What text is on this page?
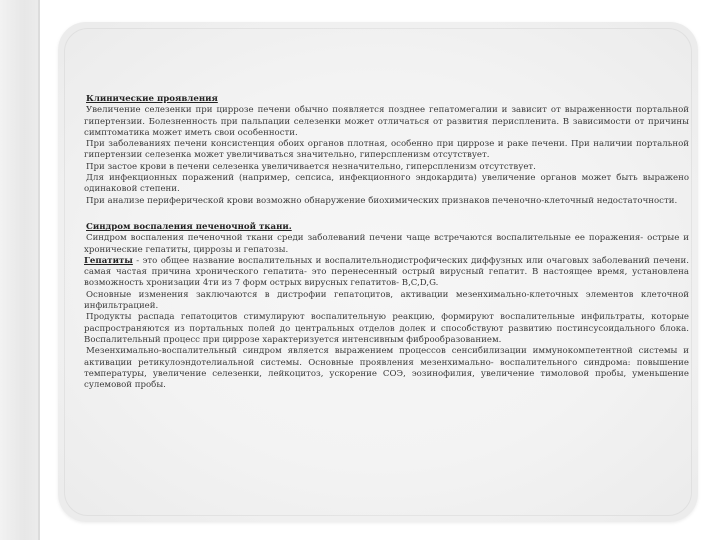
Клинические проявления

Увеличение селезенки при циррозе печени обычно появляется позднее гепатомегалии и зависит от выраженности портальной гипертензии. Болезненность при пальпации селезенки может отличаться от развития периспленита. В зависимости от причины симптоматика может иметь свои особенности.

При заболеваниях печени консистенция обоих органов плотная, особенно при циррозе и раке печени. При наличии портальной гипертензии селезенка может увеличиваться значительно, гиперспленизм отсутствует.

При застое крови в печени селезенка увеличивается незначительно, гиперспленизм отсутствует.

Для инфекционных поражений (например, сепсиса, инфекционного эндокардита) увеличение органов может быть выражено одинаковой степени.

При анализе периферической крови возможно обнаружение биохимических признаков печеночно-клеточный недостаточности.

Синдром воспаления печеночной ткани.

Синдром воспаления печеночной ткани среди заболеваний печени чаще встречаются воспалительные ее поражения- острые и хронические гепатиты, циррозы и гепатозы.

Гепатиты - это общее название воспалительных и воспалительнодистрофических диффузных или очаговых заболеваний печени. самая частая причина хронического гепатита- это перенесенный острый вирусный гепатит. В настоящее время, установлена возможность хронизации 4ти из 7 форм острых вирусных гепатитов- B,C,D,G.

Основные изменения заключаются в дистрофии гепатоцитов, активации мезенхимально-клеточных элементов клеточной инфильтрацией.

Продукты распада гепатоцитов стимулируют воспалительную реакцию, формируют воспалительные инфильтраты, которые распространяются из портальных полей до центральных отделов долек и способствуют развитию постинсусоидального блока. Воспалительный процесс при циррозе характеризуется интенсивным фиброобразованием.

Мезенхимально-воспалительный синдром является выражением процессов сенсибилизации иммунокомпетентной системы и активации ретикулоэндотелиальной системы. Основные проявления мезенхимально- воспалительного синдрома: повышение температуры, увеличение селезенки, лейкоцитоз, ускорение СОЭ, эозинофилия, увеличение тимоловой пробы, уменьшение сулемовой пробы.
